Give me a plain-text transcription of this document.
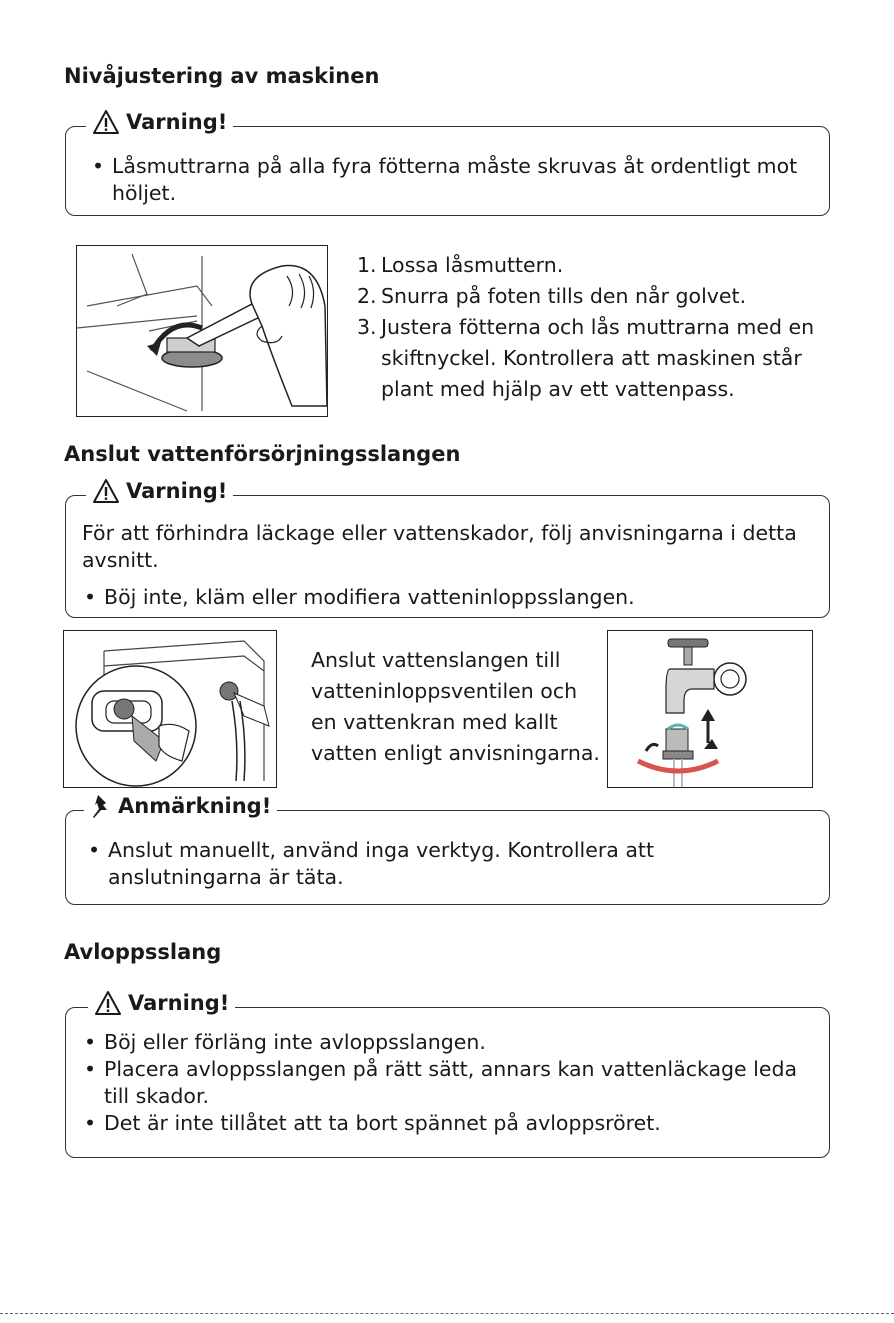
Nivåjustering av maskinen
Varning!
• Låsmuttrarna på alla fyra fötterna måste skruvas åt ordentligt mot höljet.
1. Lossa låsmuttern.
2. Snurra på foten tills den når golvet.
3. Justera fötterna och lås muttrarna med en skiftnyckel. Kontrollera att maskinen står plant med hjälp av ett vattenpass.
Anslut vattenförsörjningsslangen
Varning!
För att förhindra läckage eller vattenskador, följ anvisningarna i detta avsnitt.
• Böj inte, kläm eller modifiera vatteninloppsslangen.
Anslut vattenslangen till vatteninloppsventilen och en vattenkran med kallt vatten enligt anvisningarna.
Anmärkning!
• Anslut manuellt, använd inga verktyg. Kontrollera att anslutningarna är täta.
Avloppsslang
Varning!
• Böj eller förläng inte avloppsslangen.
• Placera avloppsslangen på rätt sätt, annars kan vattenläckage leda till skador.
• Det är inte tillåtet att ta bort spännet på avloppsröret.
